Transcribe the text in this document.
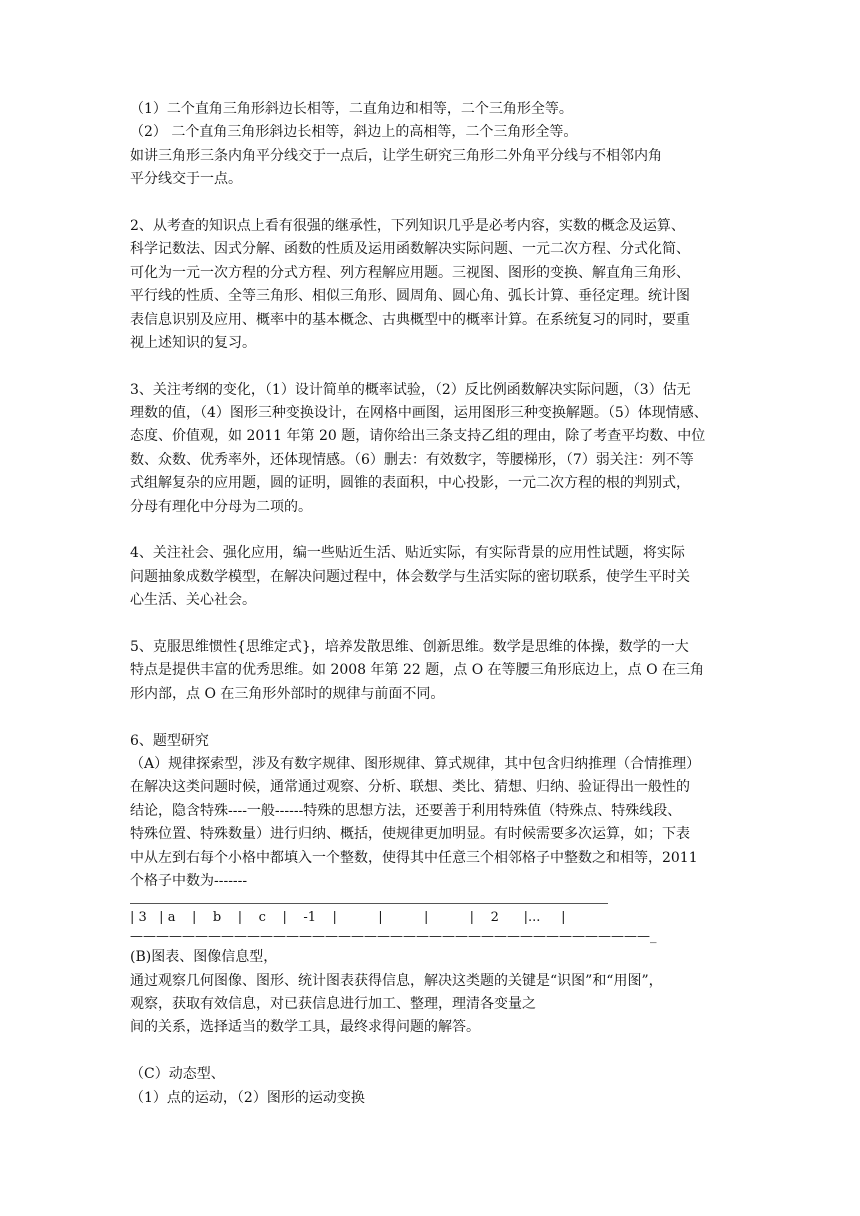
（1）二个直角三角形斜边长相等，二直角边和相等，二个三角形全等。
（2） 二个直角三角形斜边长相等，斜边上的高相等，二个三角形全等。
如讲三角形三条内角平分线交于一点后，让学生研究三角形二外角平分线与不相邻内角
平分线交于一点。
2、从考查的知识点上看有很强的继承性，下列知识几乎是必考内容，实数的概念及运算、
科学记数法、因式分解、函数的性质及运用函数解决实际问题、一元二次方程、分式化简、
可化为一元一次方程的分式方程、列方程解应用题。三视图、图形的变换、解直角三角形、
平行线的性质、全等三角形、相似三角形、圆周角、圆心角、弧长计算、垂径定理。统计图
表信息识别及应用、概率中的基本概念、古典概型中的概率计算。在系统复习的同时，要重
视上述知识的复习。
3、关注考纲的变化，（1）设计简单的概率试验，（2）反比例函数解决实际问题，（3）估无
理数的值，（4）图形三种变换设计，在网格中画图，运用图形三种变换解题。（5）体现情感、
态度、价值观，如 2011 年第 20 题，请你给出三条支持乙组的理由，除了考查平均数、中位
数、众数、优秀率外，还体现情感。（6）删去：有效数字，等腰梯形，（7）弱关注：列不等
式组解复杂的应用题，圆的证明，圆锥的表面积，中心投影，一元二次方程的根的判别式，
分母有理化中分母为二项的。
4、关注社会、强化应用，编一些贴近生活、贴近实际，有实际背景的应用性试题，将实际
问题抽象成数学模型，在解决问题过程中，体会数学与生活实际的密切联系，使学生平时关
心生活、关心社会。
5、克服思维惯性{思维定式}，培养发散思维、创新思维。数学是思维的体操，数学的一大
特点是提供丰富的优秀思维。如 2008 年第 22 题，点 O 在等腰三角形底边上，点 O 在三角
形内部，点 O 在三角形外部时的规律与前面不同。
6、题型研究
（A）规律探索型，涉及有数字规律、图形规律、算式规律，其中包含归纳推理（合情推理）
在解决这类问题时候，通常通过观察、分析、联想、类比、猜想、归纳、验证得出一般性的
结论，隐含特殊----一般------特殊的思想方法，还要善于利用特殊值（特殊点、特殊线段、
特殊位置、特殊数量）进行归纳、概括，使规律更加明显。有时候需要多次运算，如；下表
中从左到右每个小格中都填入一个整数，使得其中任意三个相邻格子中整数之和相等，2011
个格子中数为-------
| 3   | a    |    b    |    c    |    -1    |          |          |          |    2      |...     |
————————————————————————————————————————_
(B)图表、图像信息型，
通过观察几何图像、图形、统计图表获得信息，解决这类题的关键是“识图”和“用图”，
观察，获取有效信息，对已获信息进行加工、整理，理清各变量之
间的关系，选择适当的数学工具，最终求得问题的解答。
（C）动态型、
（1）点的运动，（2）图形的运动变换
